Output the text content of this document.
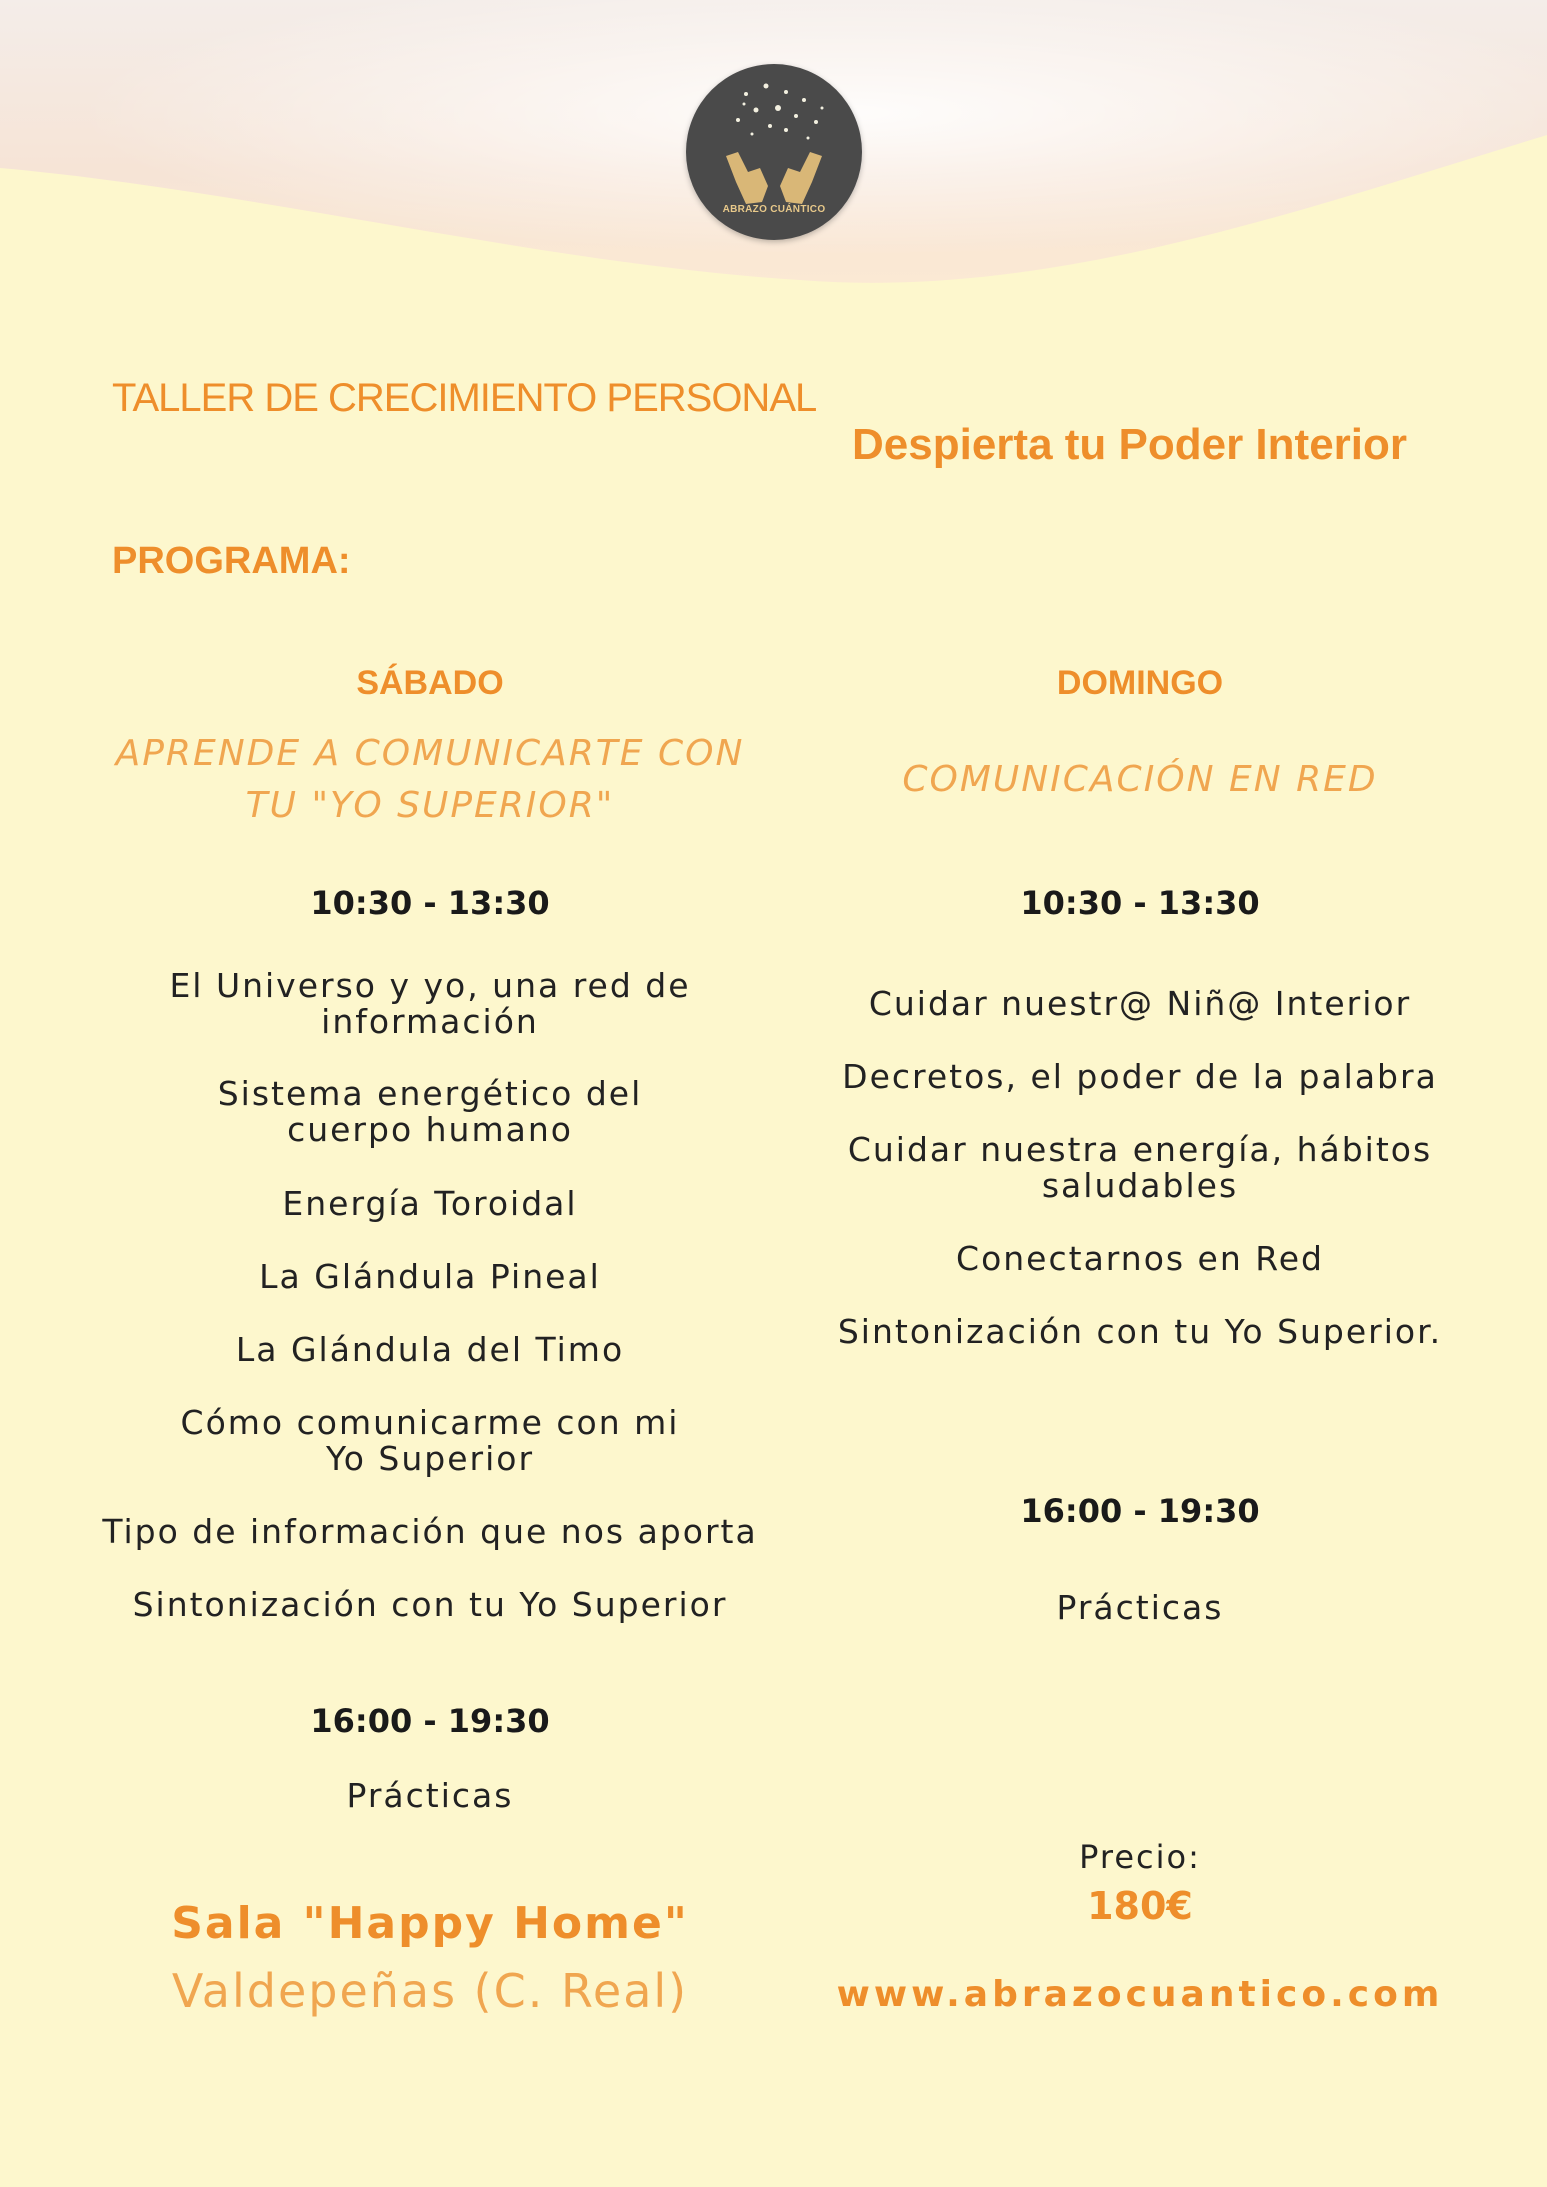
ABRAZO CUÁNTICO
TALLER DE CRECIMIENTO PERSONAL
Despierta tu Poder Interior
PROGRAMA:
SÁBADO
APRENDE A COMUNICARTE CON
TU "YO SUPERIOR"
10:30 - 13:30
El Universo y yo, una red de
información
Sistema energético del
cuerpo humano
Energía Toroidal
La Glándula Pineal
La Glándula del Timo
Cómo comunicarme con mi
Yo Superior
Tipo de información que nos aporta
Sintonización con tu Yo Superior
16:00 - 19:30
Prácticas
Sala "Happy Home"
Valdepeñas (C. Real)
DOMINGO
COMUNICACIÓN EN RED
10:30 - 13:30
Cuidar nuestr@ Niñ@ Interior
Decretos, el poder de la palabra
Cuidar nuestra energía, hábitos
saludables
Conectarnos en Red
Sintonización con tu Yo Superior.
16:00 - 19:30
Prácticas
Precio:
180€
www.abrazocuantico.com
